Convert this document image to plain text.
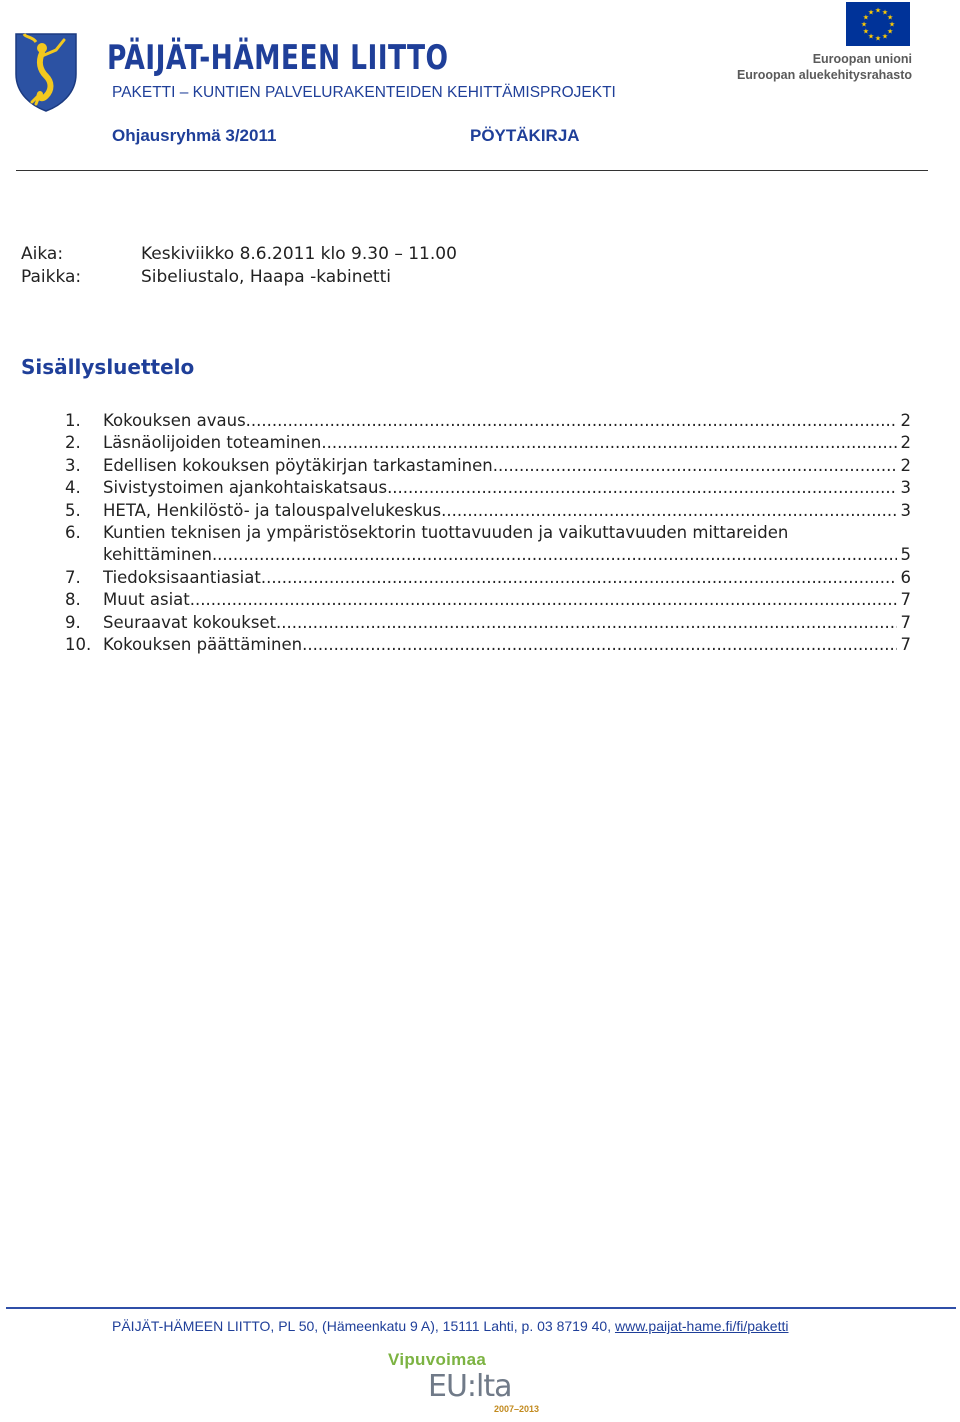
PÄIJÄT-HÄMEEN LIITTO
PAKETTI – KUNTIEN PALVELURAKENTEIDEN KEHITTÄMISPROJEKTI
★
★
★
★
★
★
★
★
★ ★ ★
★
Euroopan unioni
Euroopan aluekehitysrahasto
Ohjausryhmä 3/2011	PÖYTÄKIRJA
Aika:	Keskiviikko 8.6.2011 klo 9.30 – 11.00
Paikka:	Sibeliustalo, Haapa -kabinetti
Sisällysluettelo
1.	Kokouksen avaus .....	2
2.	Läsnäolijoiden toteaminen .....	2
3.	Edellisen kokouksen pöytäkirjan tarkastaminen .....	2
4.	Sivistystoimen ajankohtaiskatsaus .....	3
5.	HETA, Henkilöstö- ja talouspalvelukeskus .....	3
6.	Kuntien teknisen ja ympäristösektorin tuottavuuden ja vaikuttavuuden mittareiden
kehittäminen .....	5
7.	Tiedoksisaantiasiat .....	6
8.	Muut asiat .....	7
9.	Seuraavat kokoukset .....	7
10. Kokouksen päättäminen .....	7
PÄIJÄT-HÄMEEN LIITTO, PL 50, (Hämeenkatu 9 A), 15111 Lahti, p. 03 8719 40, www.paijat-hame.fi/fi/paketti
Vipuvoimaa
EU:lta
2007–2013
